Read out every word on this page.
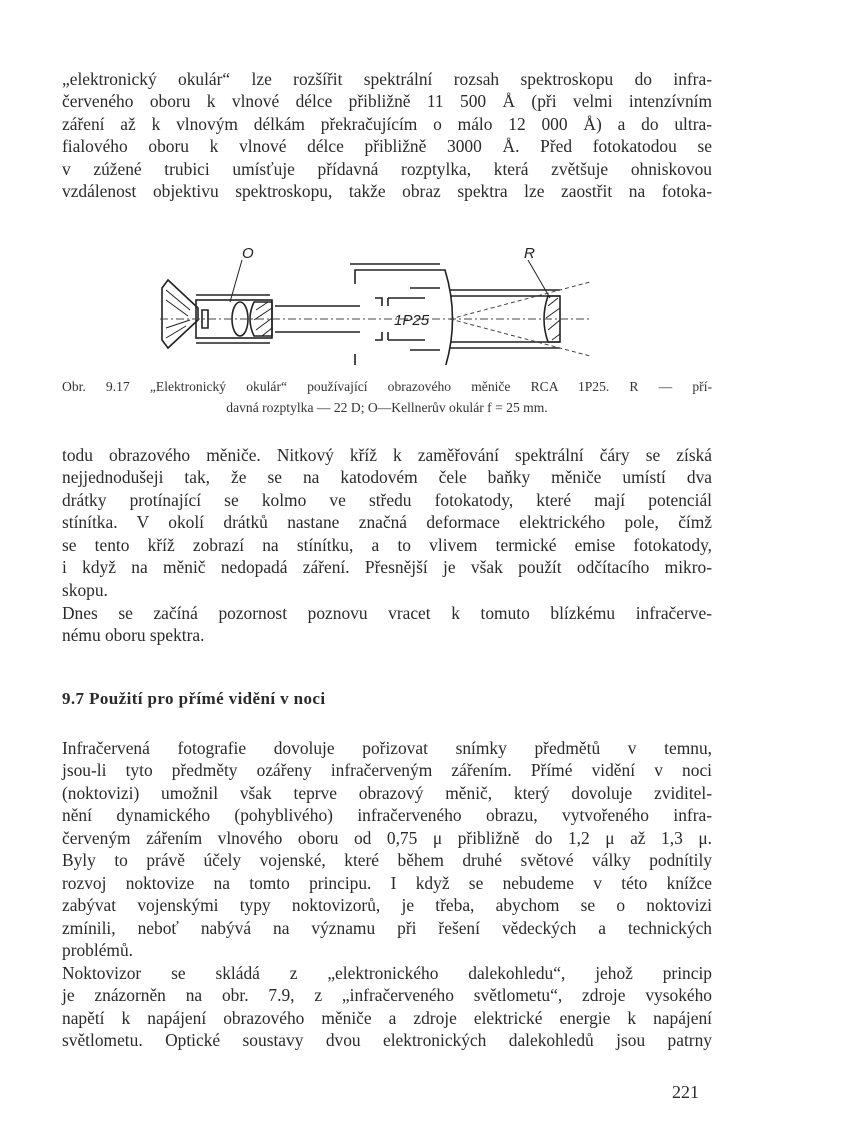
„elektronický okulár“ lze rozšířit spektrální rozsah spektroskopu do infra-
červeného oboru k vlnové délce přibližně 11 500 Å (při velmi intenzívním
záření až k vlnovým délkám překračujícím o málo 12 000 Å) a do ultra-
fialového oboru k vlnové délce přibližně 3000 Å. Před fotokatodou se
v zúžené trubici umísťuje přídavná rozptylka, která zvětšuje ohniskovou
vzdálenost objektivu spektroskopu, takže obraz spektra lze zaostřit na fotoka-
O	R
1P25
Obr. 9.17 „Elektronický okulár“ používající obrazového měniče RCA 1P25. R — pří-
davná rozptylka — 22 D; O—Kellnerův okulár f = 25 mm.
todu obrazového měniče. Nitkový kříž k zaměřování spektrální čáry se získá
nejjednodušeji tak, že se na katodovém čele baňky měniče umístí dva
drátky protínající se kolmo ve středu fotokatody, které mají potenciál
stínítka. V okolí drátků nastane značná deformace elektrického pole, čímž
se tento kříž zobrazí na stínítku, a to vlivem termické emise fotokatody,
i když na měnič nedopadá záření. Přesnější je však použít odčítacího mikro-
skopu.
Dnes se začíná pozornost poznovu vracet k tomuto blízkému infračerve-
nému oboru spektra.
9.7 Použití pro přímé vidění v noci
Infračervená fotografie dovoluje pořizovat snímky předmětů v temnu,
jsou-li tyto předměty ozářeny infračerveným zářením. Přímé vidění v noci
(noktovizi) umožnil však teprve obrazový měnič, který dovoluje zviditel-
nění dynamického (pohyblivého) infračerveného obrazu, vytvořeného infra-
červeným zářením vlnového oboru od 0,75 μ přibližně do 1,2 μ až 1,3 μ.
Byly to právě účely vojenské, které během druhé světové války podnítily
rozvoj noktovize na tomto principu. I když se nebudeme v této knížce
zabývat vojenskými typy noktovizorů, je třeba, abychom se o noktovizi
zmínili, neboť nabývá na významu při řešení vědeckých a technických
problémů.
Noktovizor se skládá z „elektronického dalekohledu“, jehož princip
je znázorněn na obr. 7.9, z „infračerveného světlometu“, zdroje vysokého
napětí k napájení obrazového měniče a zdroje elektrické energie k napájení
světlometu. Optické soustavy dvou elektronických dalekohledů jsou patrny
221
